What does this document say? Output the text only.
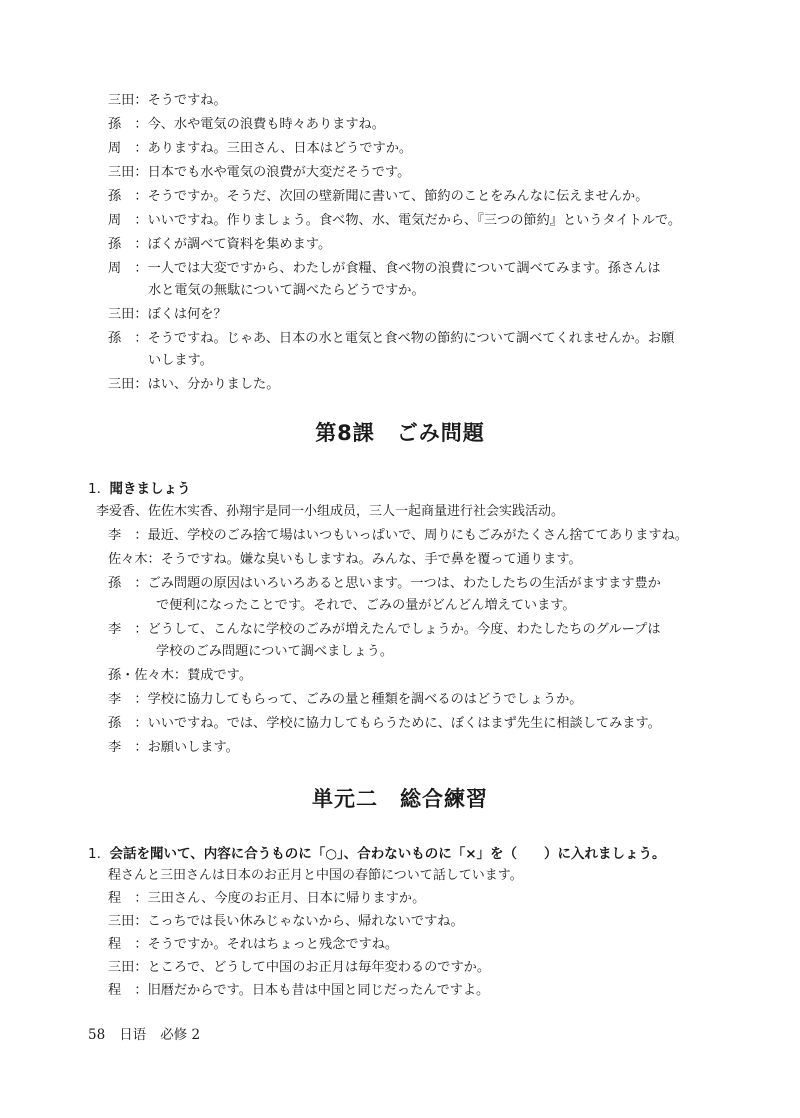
三田：そうですね。
孫　：今、水や電気の浪費も時々ありますね。
周　：ありますね。三田さん、日本はどうですか。
三田：日本でも水や電気の浪費が大変だそうです。
孫　：そうですか。そうだ、次回の壁新聞に書いて、節約のことをみんなに伝えませんか。
周　：いいですね。作りましょう。食べ物、水、電気だから、『三つの節約』というタイトルで。
孫　：ぼくが調べて資料を集めます。
周　：一人では大変ですから、わたしが食糧、食べ物の浪費について調べてみます。孫さんは
水と電気の無駄について調べたらどうですか。
三田：ぼくは何を？
孫　：そうですね。じゃあ、日本の水と電気と食べ物の節約について調べてくれませんか。お願
いします。
三田：はい、分かりました。
第8課　ごみ問題
1. 聞きましょう
李爱香、佐佐木实香、孙翔宇是同一小组成员，三人一起商量进行社会实践活动。
李　：最近、学校のごみ捨て場はいつもいっぱいで、周りにもごみがたくさん捨ててありますね。
佐々木：そうですね。嫌な臭いもしますね。みんな、手で鼻を覆って通ります。
孫　：ごみ問題の原因はいろいろあると思います。一つは、わたしたちの生活がますます豊か
で便利になったことです。それで、ごみの量がどんどん増えています。
李　：どうして、こんなに学校のごみが増えたんでしょうか。今度、わたしたちのグループは
学校のごみ問題について調べましょう。
孫・佐々木：賛成です。
李　：学校に協力してもらって、ごみの量と種類を調べるのはどうでしょうか。
孫　：いいですね。では、学校に協力してもらうために、ぼくはまず先生に相談してみます。
李　：お願いします。
単元二　総合練習
1. 会話を聞いて、内容に合うものに「○」、合わないものに「×」を（　　）に入れましょう。
程さんと三田さんは日本のお正月と中国の春節について話しています。
程　：三田さん、今度のお正月、日本に帰りますか。
三田：こっちでは長い休みじゃないから、帰れないですね。
程　：そうですか。それはちょっと残念ですね。
三田：ところで、どうして中国のお正月は毎年変わるのですか。
程　：旧暦だからです。日本も昔は中国と同じだったんですよ。
58 日语 必修 2
